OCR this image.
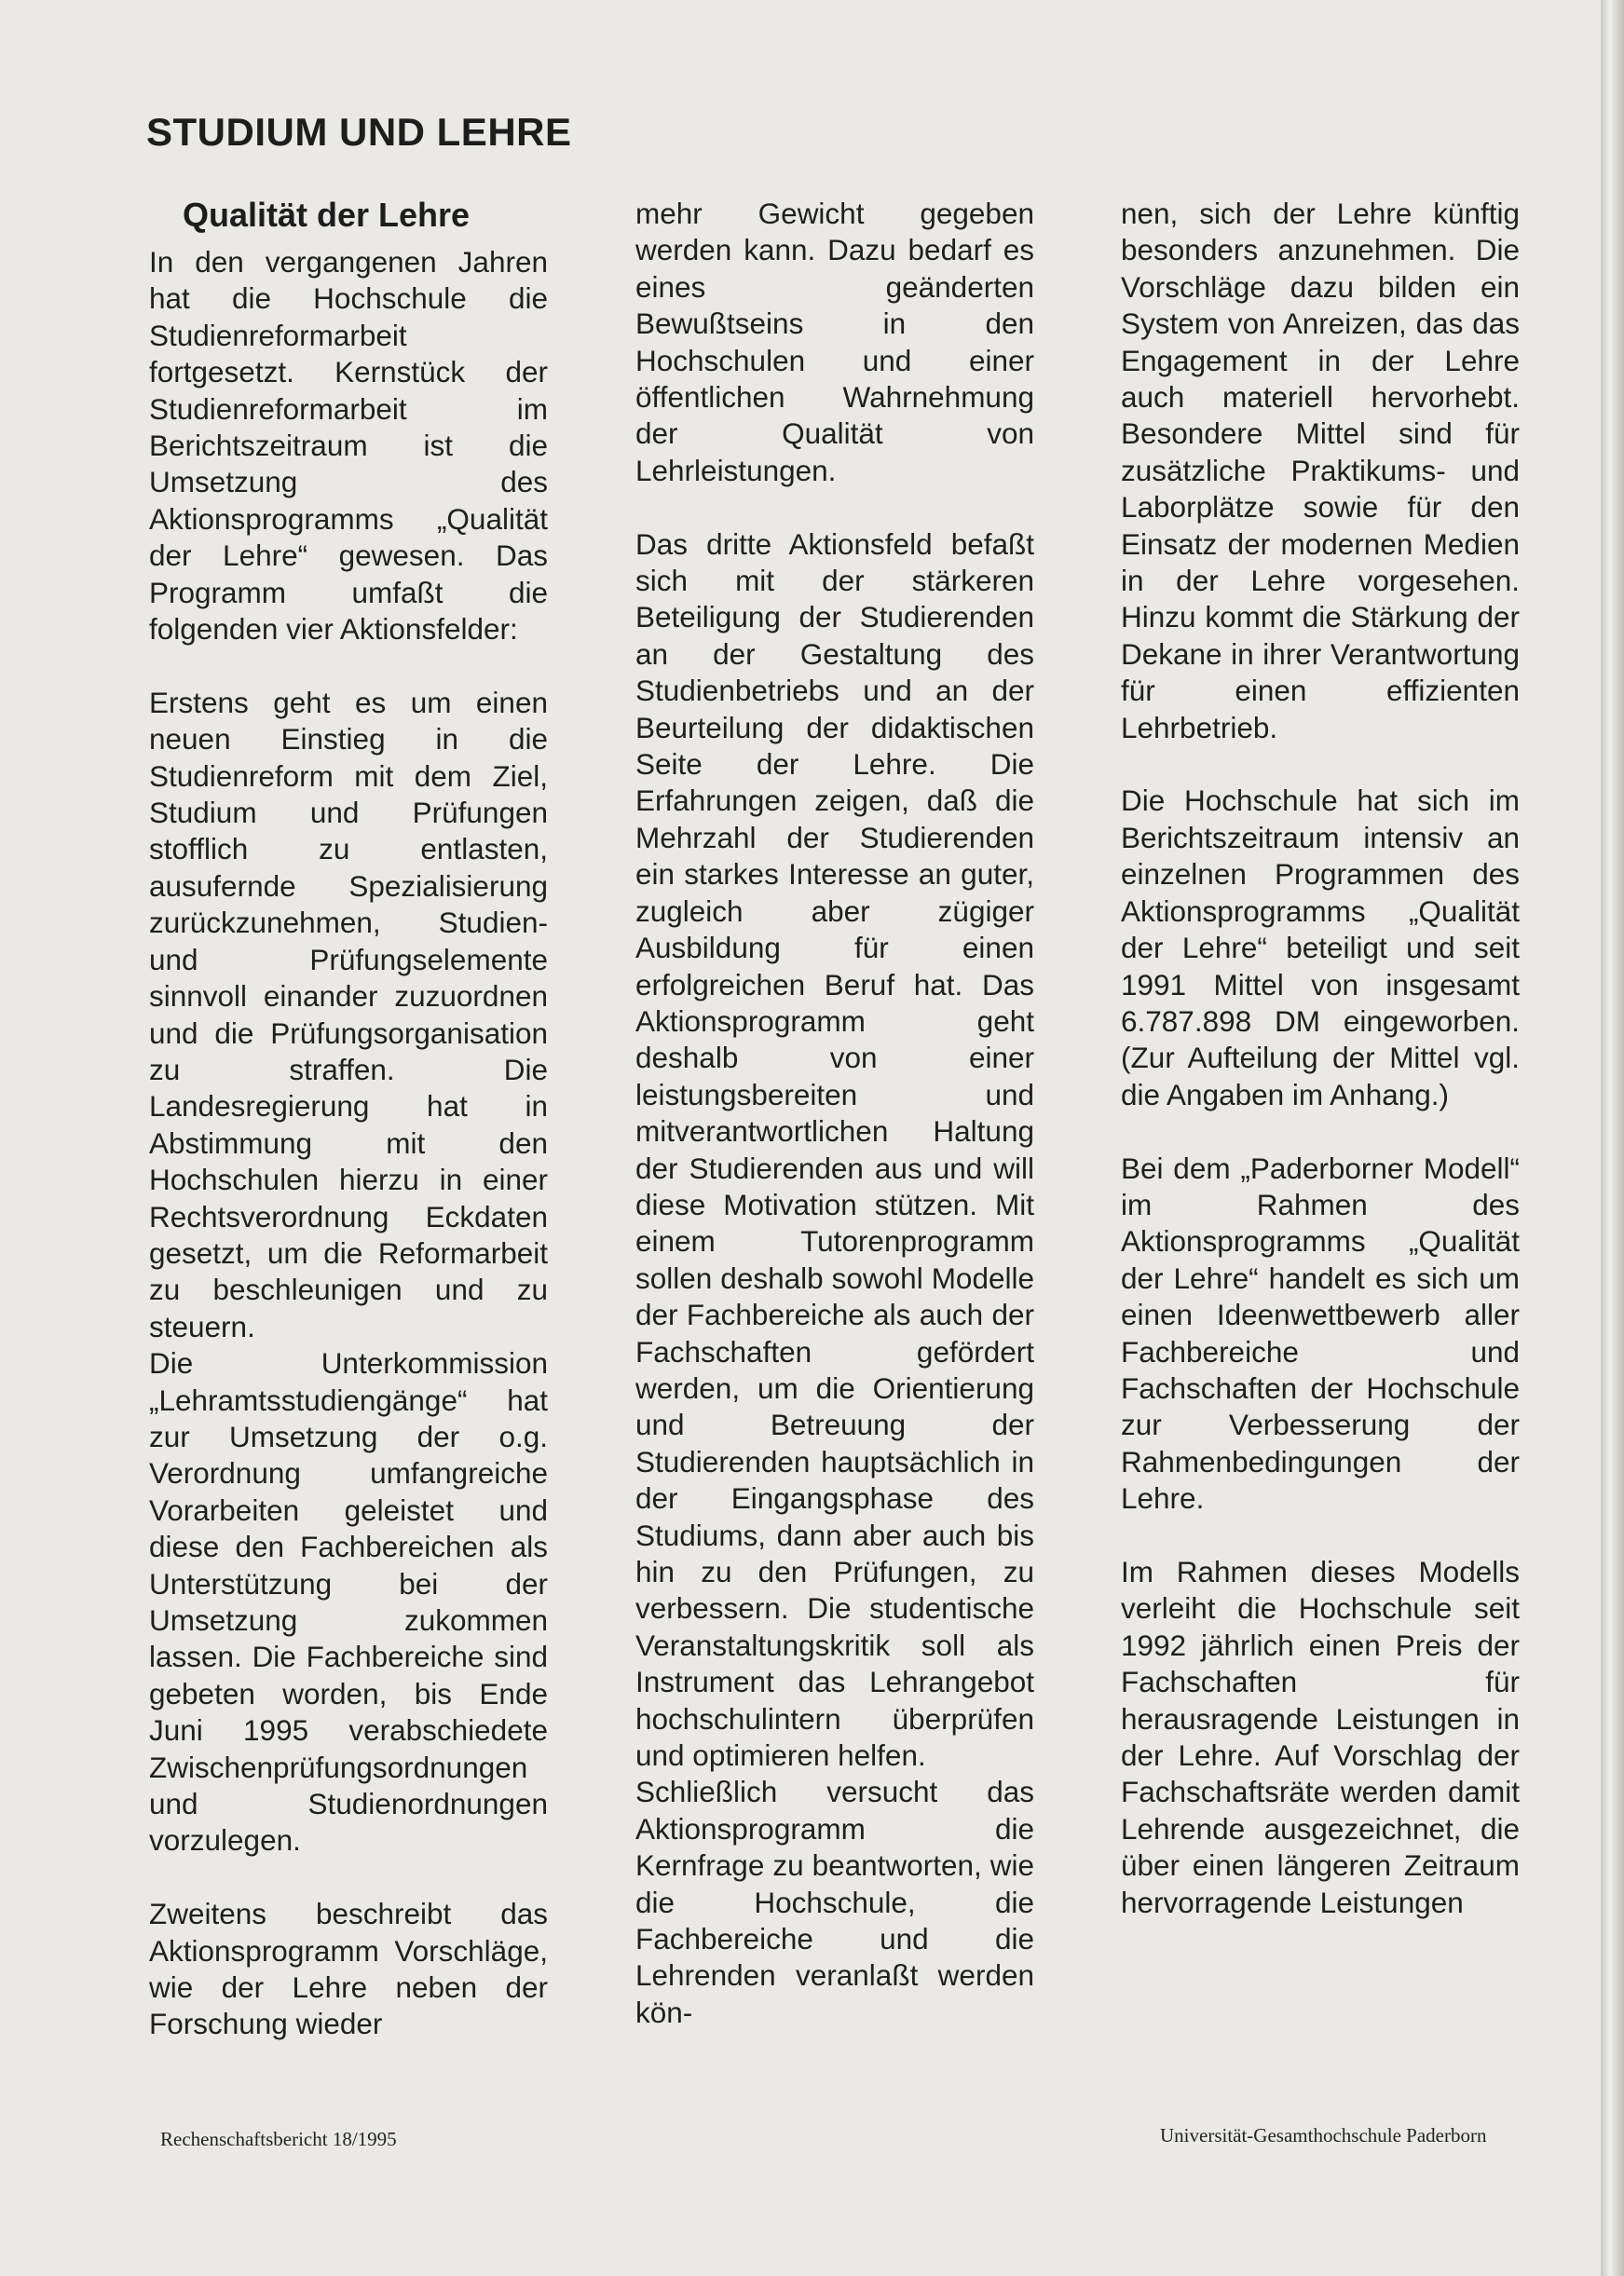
STUDIUM UND LEHRE
Qualität der Lehre

In den vergangenen Jahren hat die Hochschule die Studienreformarbeit fortgesetzt. Kernstück der Studienreformarbeit im Berichtszeitraum ist die Umsetzung des Aktionsprogramms „Qualität der Lehre“ gewesen. Das Programm umfaßt die folgenden vier Aktionsfelder:

Erstens geht es um einen neuen Einstieg in die Studienreform mit dem Ziel, Studium und Prüfungen stofflich zu entlasten, ausufernde Spezialisierung zurückzunehmen, Studien- und Prüfungselemente sinnvoll einander zuzuordnen und die Prüfungsorganisation zu straffen. Die Landesregierung hat in Abstimmung mit den Hochschulen hierzu in einer Rechtsverordnung Eckdaten gesetzt, um die Reformarbeit zu beschleunigen und zu steuern.

Die Unterkommission „Lehramtsstudiengänge“ hat zur Umsetzung der o.g. Verordnung umfangreiche Vorarbeiten geleistet und diese den Fachbereichen als Unterstützung bei der Umsetzung zukommen lassen. Die Fachbereiche sind gebeten worden, bis Ende Juni 1995 verabschiedete Zwischenprüfungsordnungen und Studienordnungen vorzulegen.

Zweitens beschreibt das Aktionsprogramm Vorschläge, wie der Lehre neben der Forschung wieder

mehr Gewicht gegeben werden kann. Dazu bedarf es eines geänderten Bewußtseins in den Hochschulen und einer öffentlichen Wahrnehmung der Qualität von Lehrleistungen.

Das dritte Aktionsfeld befaßt sich mit der stärkeren Beteiligung der Studierenden an der Gestaltung des Studienbetriebs und an der Beurteilung der didaktischen Seite der Lehre. Die Erfahrungen zeigen, daß die Mehrzahl der Studierenden ein starkes Interesse an guter, zugleich aber zügiger Ausbildung für einen erfolgreichen Beruf hat. Das Aktionsprogramm geht deshalb von einer leistungsbereiten und mitverantwortlichen Haltung der Studierenden aus und will diese Motivation stützen. Mit einem Tutorenprogramm sollen deshalb sowohl Modelle der Fachbereiche als auch der Fachschaften gefördert werden, um die Orientierung und Betreuung der Studierenden hauptsächlich in der Eingangsphase des Studiums, dann aber auch bis hin zu den Prüfungen, zu verbessern. Die studentische Veranstaltungskritik soll als Instrument das Lehrangebot hochschulintern überprüfen und optimieren helfen.

Schließlich versucht das Aktionsprogramm die Kernfrage zu beantworten, wie die Hochschule, die Fachbereiche und die Lehrenden veranlaßt werden kön-

nen, sich der Lehre künftig besonders anzunehmen. Die Vorschläge dazu bilden ein System von Anreizen, das das Engagement in der Lehre auch materiell hervorhebt. Besondere Mittel sind für zusätzliche Praktikums- und Laborplätze sowie für den Einsatz der modernen Medien in der Lehre vorgesehen. Hinzu kommt die Stärkung der Dekane in ihrer Verantwortung für einen effizienten Lehrbetrieb.

Die Hochschule hat sich im Berichtszeitraum intensiv an einzelnen Programmen des Aktionsprogramms „Qualität der Lehre“ beteiligt und seit 1991 Mittel von insgesamt 6.787.898 DM eingeworben. (Zur Aufteilung der Mittel vgl. die Angaben im Anhang.)

Bei dem „Paderborner Modell“ im Rahmen des Aktionsprogramms „Qualität der Lehre“ handelt es sich um einen Ideenwettbewerb aller Fachbereiche und Fachschaften der Hochschule zur Verbesserung der Rahmenbedingungen der Lehre.

Im Rahmen dieses Modells verleiht die Hochschule seit 1992 jährlich einen Preis der Fachschaften für herausragende Leistungen in der Lehre. Auf Vorschlag der Fachschaftsräte werden damit Lehrende ausgezeichnet, die über einen längeren Zeitraum hervorragende Leistungen

Rechenschaftsbericht 18/1995	Universität-Gesamthochschule Paderborn
